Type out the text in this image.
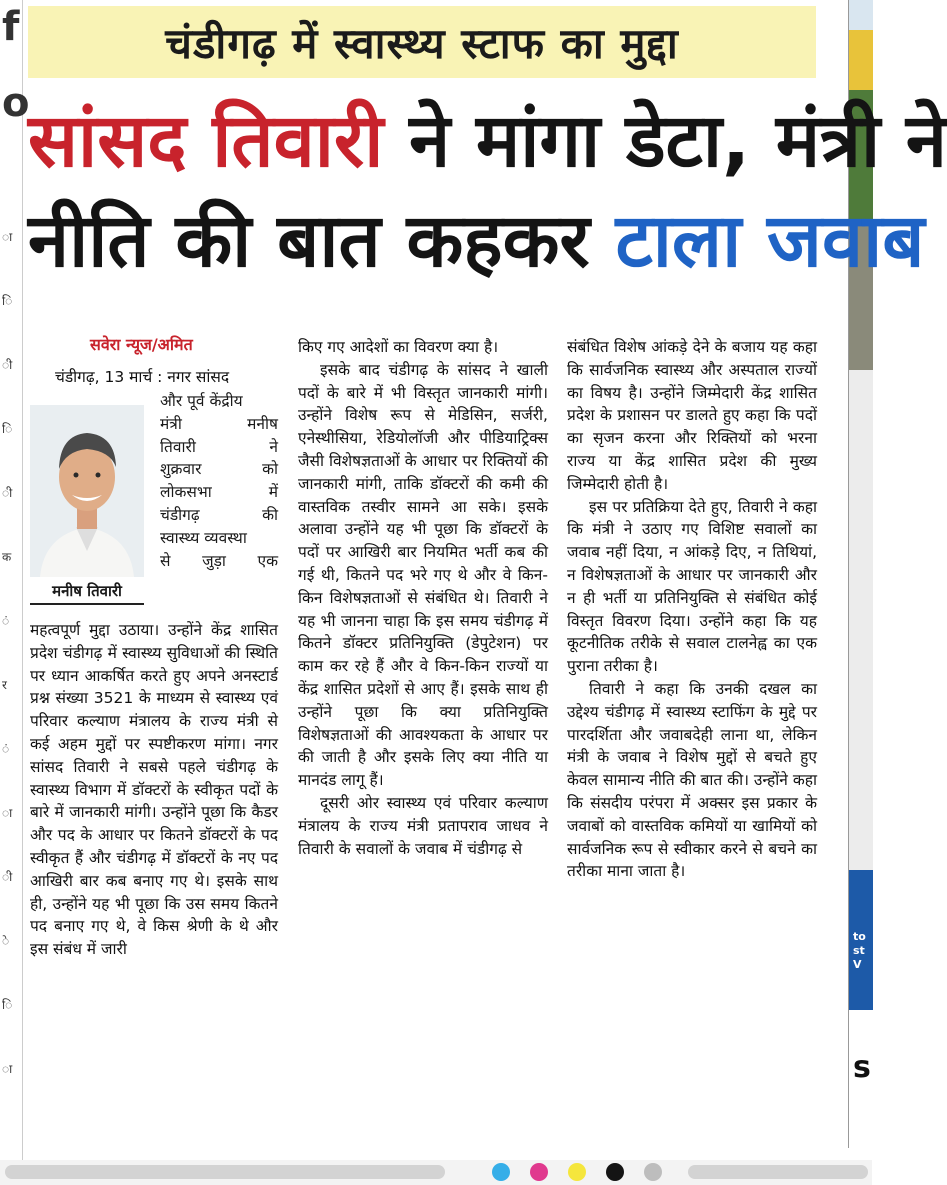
f
o
ा
ि
ी
ि
ी
क
ं
र
ं
ा
ी
े
ि
ा
to
st
V
s
चंडीगढ़ में स्वास्थ्य स्टाफ का मुद्दा
सांसद तिवारी ने मांगा डेटा, मंत्री ने
नीति की बात कहकर टाला जवाब
सवेरा न्यूज/अमित
चंडीगढ़, 13 मार्च : नगर सांसद
मनीष तिवारी
और पूर्व केंद्रीय
मंत्री	मनीष
तिवारी	ने
शुक्रवार	को
लोकसभा	में
चंडीगढ़	की
स्वास्थ्य व्यवस्था
से जुड़ा एक

महत्वपूर्ण मुद्दा उठाया। उन्होंने केंद्र शासित प्रदेश चंडीगढ़ में स्वास्थ्य सुविधाओं की स्थिति पर ध्यान आकर्षित करते हुए अपने अनस्टार्ड प्रश्न संख्या 3521 के माध्यम से स्वास्थ्य एवं परिवार कल्याण मंत्रालय के राज्य मंत्री से कई अहम मुद्दों पर स्पष्टीकरण मांगा। नगर सांसद तिवारी ने सबसे पहले चंडीगढ़ के स्वास्थ्य विभाग में डॉक्टरों के स्वीकृत पदों के बारे में जानकारी मांगी। उन्होंने पूछा कि कैडर और पद के आधार पर कितने डॉक्टरों के पद स्वीकृत हैं और चंडीगढ़ में डॉक्टरों के नए पद आखिरी बार कब बनाए गए थे। इसके साथ ही, उन्होंने यह भी पूछा कि उस समय कितने पद बनाए गए थे, वे किस श्रेणी के थे और इस संबंध में जारी

किए गए आदेशों का विवरण क्या है।

इसके बाद चंडीगढ़ के सांसद ने खाली पदों के बारे में भी विस्तृत जानकारी मांगी। उन्होंने विशेष रूप से मेडिसिन, सर्जरी, एनेस्थीसिया, रेडियोलॉजी और पीडियाट्रिक्स जैसी विशेषज्ञताओं के आधार पर रिक्तियों की जानकारी मांगी, ताकि डॉक्टरों की कमी की वास्तविक तस्वीर सामने आ सके। इसके अलावा उन्होंने यह भी पूछा कि डॉक्टरों के पदों पर आखिरी बार नियमित भर्ती कब की गई थी, कितने पद भरे गए थे और वे किन-किन विशेषज्ञताओं से संबंधित थे। तिवारी ने यह भी जानना चाहा कि इस समय चंडीगढ़ में कितने डॉक्टर प्रतिनियुक्ति (डेपुटेशन) पर काम कर रहे हैं और वे किन-किन राज्यों या केंद्र शासित प्रदेशों से आए हैं। इसके साथ ही उन्होंने पूछा कि क्या प्रतिनियुक्ति विशेषज्ञताओं की आवश्यकता के आधार पर की जाती है और इसके लिए क्या नीति या मानदंड लागू हैं।

दूसरी ओर स्वास्थ्य एवं परिवार कल्याण मंत्रालय के राज्य मंत्री प्रतापराव जाधव ने तिवारी के सवालों के जवाब में चंडीगढ़ से

संबंधित विशेष आंकड़े देने के बजाय यह कहा कि सार्वजनिक स्वास्थ्य और अस्पताल राज्यों का विषय है। उन्होंने जिम्मेदारी केंद्र शासित प्रदेश के प्रशासन पर डालते हुए कहा कि पदों का सृजन करना और रिक्तियों को भरना राज्य या केंद्र शासित प्रदेश की मुख्य जिम्मेदारी होती है।

इस पर प्रतिक्रिया देते हुए, तिवारी ने कहा कि मंत्री ने उठाए गए विशिष्ट सवालों का जवाब नहीं दिया, न आंकड़े दिए, न तिथियां, न विशेषज्ञताओं के आधार पर जानकारी और न ही भर्ती या प्रतिनियुक्ति से संबंधित कोई विस्तृत विवरण दिया। उन्होंने कहा कि यह कूटनीतिक तरीके से सवाल टालनेह्व का एक पुराना तरीका है।

तिवारी ने कहा कि उनकी दखल का उद्देश्य चंडीगढ़ में स्वास्थ्य स्टाफिंग के मुद्दे पर पारदर्शिता और जवाबदेही लाना था, लेकिन मंत्री के जवाब ने विशेष मुद्दों से बचते हुए केवल सामान्य नीति की बात की। उन्होंने कहा कि संसदीय परंपरा में अक्सर इस प्रकार के जवाबों को वास्तविक कमियों या खामियों को सार्वजनिक रूप से स्वीकार करने से बचने का तरीका माना जाता है।
